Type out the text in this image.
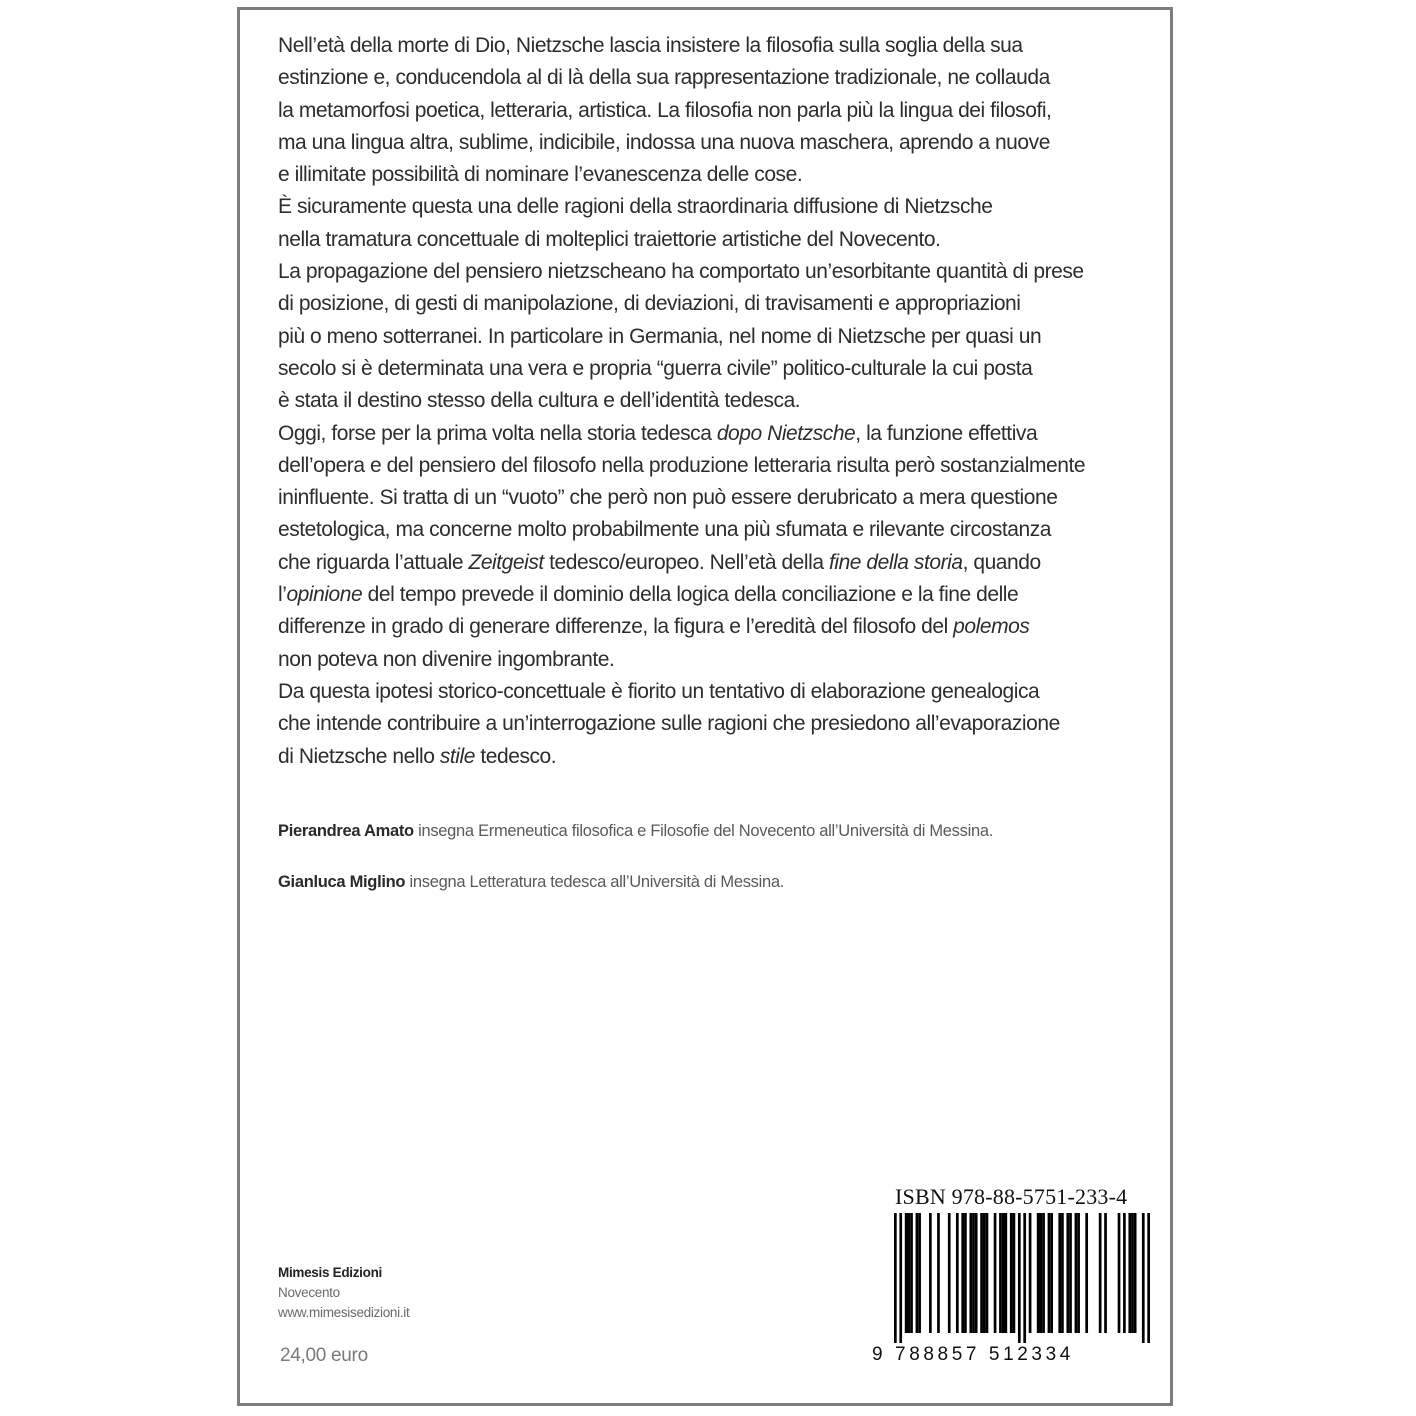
Nell’età della morte di Dio, Nietzsche lascia insistere la filosofia sulla soglia della sua
estinzione e, conducendola al di là della sua rappresentazione tradizionale, ne collauda
la metamorfosi poetica, letteraria, artistica. La filosofia non parla più la lingua dei filosofi,
ma una lingua altra, sublime, indicibile, indossa una nuova maschera, aprendo a nuove
e illimitate possibilità di nominare l’evanescenza delle cose.
È sicuramente questa una delle ragioni della straordinaria diffusione di Nietzsche
nella tramatura concettuale di molteplici traiettorie artistiche del Novecento.
La propagazione del pensiero nietzscheano ha comportato un’esorbitante quantità di prese
di posizione, di gesti di manipolazione, di deviazioni, di travisamenti e appropriazioni
più o meno sotterranei. In particolare in Germania, nel nome di Nietzsche per quasi un
secolo si è determinata una vera e propria “guerra civile” politico-culturale la cui posta
è stata il destino stesso della cultura e dell’identità tedesca.
Oggi, forse per la prima volta nella storia tedesca dopo Nietzsche, la funzione effettiva
dell’opera e del pensiero del filosofo nella produzione letteraria risulta però sostanzialmente
ininfluente. Si tratta di un “vuoto” che però non può essere derubricato a mera questione
estetologica, ma concerne molto probabilmente una più sfumata e rilevante circostanza
che riguarda l’attuale Zeitgeist tedesco/europeo. Nell’età della fine della storia, quando
l’opinione del tempo prevede il dominio della logica della conciliazione e la fine delle
differenze in grado di generare differenze, la figura e l’eredità del filosofo del polemos
non poteva non divenire ingombrante.
Da questa ipotesi storico-concettuale è fiorito un tentativo di elaborazione genealogica
che intende contribuire a un’interrogazione sulle ragioni che presiedono all’evaporazione
di Nietzsche nello stile tedesco.
Pierandrea Amato insegna Ermeneutica filosofica e Filosofie del Novecento all’Università di Messina.
Gianluca Miglino insegna Letteratura tedesca all’Università di Messina.
Mimesis Edizioni
Novecento
www.mimesisedizioni.it
24,00 euro
ISBN 978-88-5751-233-4
9 788857 512334
